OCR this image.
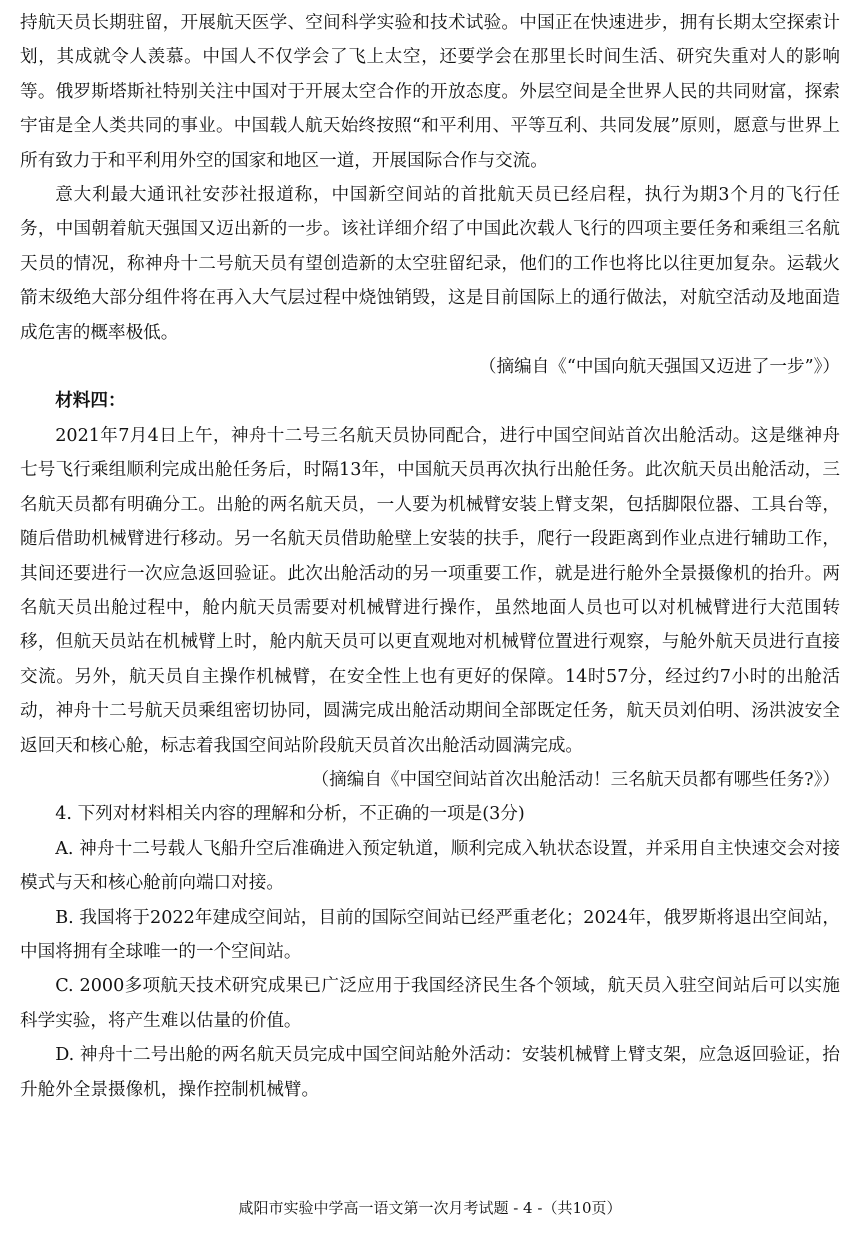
持航天员长期驻留，开展航天医学、空间科学实验和技术试验。中国正在快速进步，拥有长期太空探索计划，其成就令人羡慕。中国人不仅学会了飞上太空，还要学会在那里长时间生活、研究失重对人的影响等。俄罗斯塔斯社特别关注中国对于开展太空合作的开放态度。外层空间是全世界人民的共同财富，探索宇宙是全人类共同的事业。中国载人航天始终按照“和平利用、平等互利、共同发展”原则，愿意与世界上所有致力于和平利用外空的国家和地区一道，开展国际合作与交流。

意大利最大通讯社安莎社报道称，中国新空间站的首批航天员已经启程，执行为期3个月的飞行任务，中国朝着航天强国又迈出新的一步。该社详细介绍了中国此次载人飞行的四项主要任务和乘组三名航天员的情况，称神舟十二号航天员有望创造新的太空驻留纪录，他们的工作也将比以往更加复杂。运载火箭末级绝大部分组件将在再入大气层过程中烧蚀销毁，这是目前国际上的通行做法，对航空活动及地面造成危害的概率极低。

（摘编自《“中国向航天强国又迈进了一步”》）

材料四：

2021年7月4日上午，神舟十二号三名航天员协同配合，进行中国空间站首次出舱活动。这是继神舟七号飞行乘组顺利完成出舱任务后，时隔13年，中国航天员再次执行出舱任务。此次航天员出舱活动，三名航天员都有明确分工。出舱的两名航天员，一人要为机械臂安装上臂支架，包括脚限位器、工具台等，随后借助机械臂进行移动。另一名航天员借助舱壁上安装的扶手，爬行一段距离到作业点进行辅助工作，其间还要进行一次应急返回验证。此次出舱活动的另一项重要工作，就是进行舱外全景摄像机的抬升。两名航天员出舱过程中，舱内航天员需要对机械臂进行操作，虽然地面人员也可以对机械臂进行大范围转移，但航天员站在机械臂上时，舱内航天员可以更直观地对机械臂位置进行观察，与舱外航天员进行直接交流。另外，航天员自主操作机械臂，在安全性上也有更好的保障。14时57分，经过约7小时的出舱活动，神舟十二号航天员乘组密切协同，圆满完成出舱活动期间全部既定任务，航天员刘伯明、汤洪波安全返回天和核心舱，标志着我国空间站阶段航天员首次出舱活动圆满完成。

（摘编自《中国空间站首次出舱活动！三名航天员都有哪些任务?》）

4. 下列对材料相关内容的理解和分析，不正确的一项是(3分)

A. 神舟十二号载人飞船升空后准确进入预定轨道，顺利完成入轨状态设置，并采用自主快速交会对接模式与天和核心舱前向端口对接。

B. 我国将于2022年建成空间站，目前的国际空间站已经严重老化；2024年，俄罗斯将退出空间站，中国将拥有全球唯一的一个空间站。

C. 2000多项航天技术研究成果已广泛应用于我国经济民生各个领域，航天员入驻空间站后可以实施科学实验，将产生难以估量的价值。

D. 神舟十二号出舱的两名航天员完成中国空间站舱外活动：安装机械臂上臂支架，应急返回验证，抬升舱外全景摄像机，操作控制机械臂。

咸阳市实验中学高一语文第一次月考试题 - 4 -（共10页）
